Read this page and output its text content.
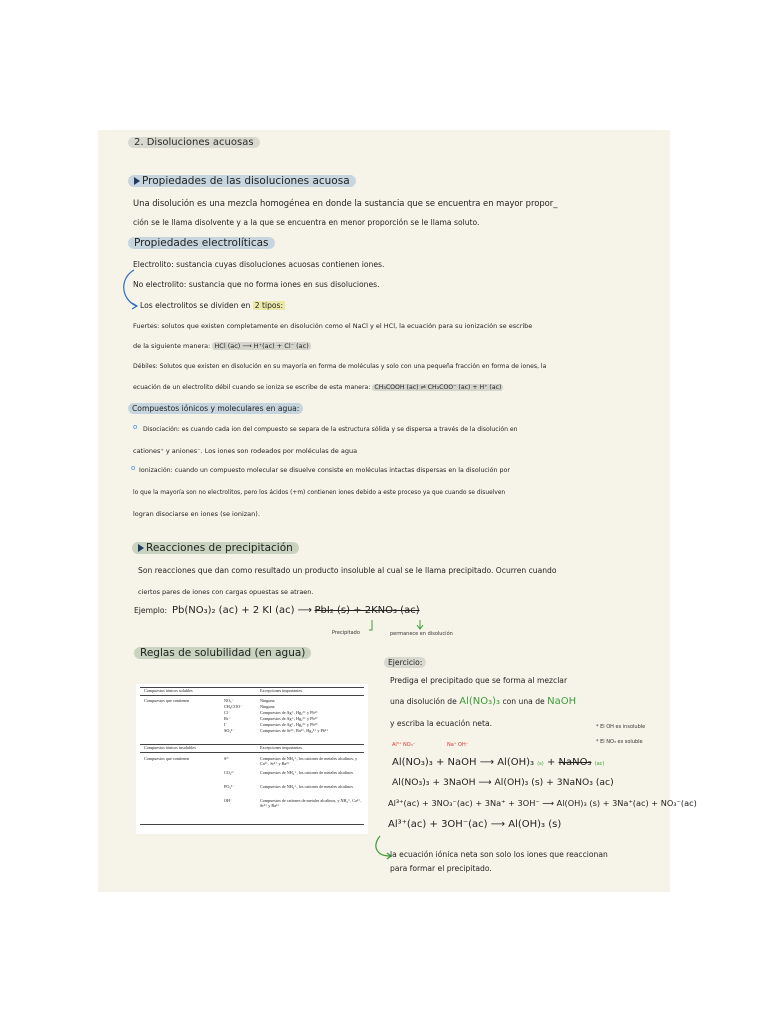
2. Disoluciones acuosas
Propiedades de las disoluciones acuosa
Una disolución es una mezcla homogénea en donde la sustancia que se encuentra en mayor propor_
ción se le llama disolvente y a la que se encuentra en menor proporción se le llama soluto.
Propiedades electrolíticas
Electrolito: sustancia cuyas disoluciones acuosas contienen iones.
No electrolito: sustancia que no forma iones en sus disoluciones.
Los electrolitos se dividen en 2 tipos:
Fuertes: solutos que existen completamente en disolución como el NaCl y el HCl, la ecuación para su ionización se escribe
de la siguiente manera: HCl (ac) ⟶ H⁺(ac) + Cl⁻ (ac)
Débiles: Solutos que existen en disolución en su mayoría en forma de moléculas y solo con una pequeña fracción en forma de iones, la
ecuación de un electrolito débil cuando se ioniza se escribe de esta manera: CH₃COOH (ac) ⇌ CH₃COO⁻ (ac) + H⁺ (ac)
Compuestos iónicos y moleculares en agua:
o Disociación: es cuando cada ion del compuesto se separa de la estructura sólida y se dispersa a través de la disolución en
cationes⁺ y aniones⁻. Los iones son rodeados por moléculas de agua
o Ionización: cuando un compuesto molecular se disuelve consiste en moléculas intactas dispersas en la disolución por
lo que la mayoría son no electrolitos, pero los ácidos (+m) contienen iones debido a este proceso ya que cuando se disuelven
logran disociarse en iones (se ionizan).
Reacciones de precipitación
Son reacciones que dan como resultado un producto insoluble al cual se le llama precipitado. Ocurren cuando
ciertos pares de iones con cargas opuestas se atraen.
Ejemplo: Pb(NO₃)₂ (ac) + 2 KI (ac) ⟶ PbI₂ (s) + 2KNO₃ (ac)
Precipitado	permanece en disolución
Reglas de solubilidad (en agua)
Compuestos iónicos solubles	Excepciones importantes
Compuestos que contienen	NO₃⁻	Ninguna
CH₃COO⁻	Ninguna
Cl⁻	Compuestos de Ag⁺, Hg₂²⁺ y Pb²⁺
Br⁻	Compuestos de Ag⁺, Hg₂²⁺ y Pb²⁺
I⁻	Compuestos de Ag⁺, Hg₂²⁺ y Pb²⁺
SO₄²⁻	Compuestos de Sr²⁺, Ba²⁺, Hg₂²⁺ y Pb²⁺
Compuestos iónicos insolubles	Excepciones importantes
Compuestos que contienen	S²⁻	Compuestos de NH₄⁺, los cationes de metales alcalinos, y Ca²⁺, Sr²⁺ y Ba²⁺
CO₃²⁻	Compuestos de NH₄⁺, los cationes de metales alcalinos
PO₄³⁻	Compuestos de NH₄⁺, los cationes de metales alcalinos
OH⁻	Compuestos de cationes de metales alcalinos, y NH₄⁺, Ca²⁺, Sr²⁺ y Ba²⁺
Ejercicio:
Prediga el precipitado que se forma al mezclar
una disolución de Al(NO₃)₃ con una de NaOH
y escriba la ecuación neta.	* El OH es insoluble
* El NO₃ es soluble
Al³⁺ NO₃⁻	Na⁺ OH⁻
Al(NO₃)₃ + NaOH ⟶ Al(OH)₃ (s) + NaNO₃ (ac)
Al(NO₃)₃ + 3NaOH ⟶ Al(OH)₃ (s) + 3NaNO₃ (ac)
Al³⁺(ac) + 3NO₃⁻(ac) + 3Na⁺ + 3OH⁻ ⟶ Al(OH)₃ (s) + 3Na⁺(ac) + NO₃⁻(ac)
Al³⁺(ac) + 3OH⁻(ac) ⟶ Al(OH)₃ (s)
la ecuación iónica neta son solo los iones que reaccionan
para formar el precipitado.
